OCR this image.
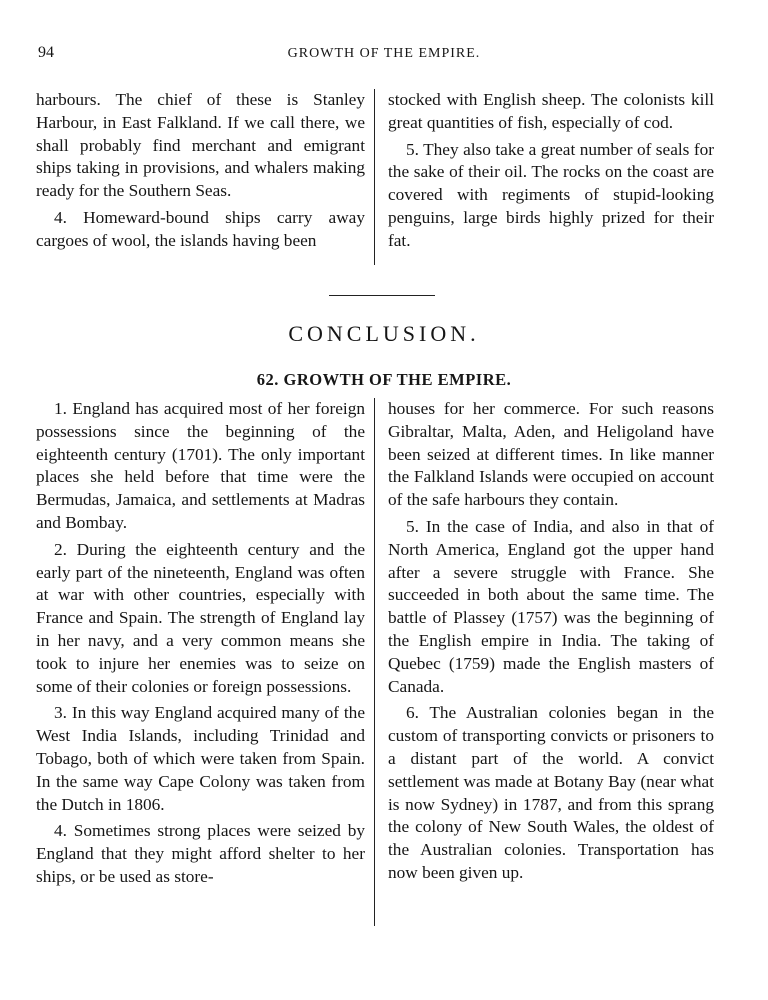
94	GROWTH OF THE EMPIRE.

harbours. The chief of these is Stanley Harbour, in East Falkland. If we call there, we shall probably find merchant and emigrant ships taking in provisions, and whalers making ready for the Southern Seas.

4. Homeward-bound ships carry away cargoes of wool, the islands having been

stocked with English sheep. The colonists kill great quantities of fish, especially of cod.

5. They also take a great number of seals for the sake of their oil. The rocks on the coast are covered with regiments of stupid-looking penguins, large birds highly prized for their fat.

CONCLUSION.
62. GROWTH OF THE EMPIRE.

1. England has acquired most of her foreign possessions since the beginning of the eighteenth century (1701). The only important places she held before that time were the Bermudas, Jamaica, and settlements at Madras and Bombay.

2. During the eighteenth century and the early part of the nineteenth, England was often at war with other countries, especially with France and Spain. The strength of England lay in her navy, and a very common means she took to injure her enemies was to seize on some of their colonies or foreign possessions.

3. In this way England acquired many of the West India Islands, including Trinidad and Tobago, both of which were taken from Spain. In the same way Cape Colony was taken from the Dutch in 1806.

4. Sometimes strong places were seized by England that they might afford shelter to her ships, or be used as store-

houses for her commerce. For such reasons Gibraltar, Malta, Aden, and Heligoland have been seized at different times. In like manner the Falkland Islands were occupied on account of the safe harbours they contain.

5. In the case of India, and also in that of North America, England got the upper hand after a severe struggle with France. She succeeded in both about the same time. The battle of Plassey (1757) was the beginning of the English empire in India. The taking of Quebec (1759) made the English masters of Canada.

6. The Australian colonies began in the custom of transporting convicts or prisoners to a distant part of the world. A convict settlement was made at Botany Bay (near what is now Sydney) in 1787, and from this sprang the colony of New South Wales, the oldest of the Australian colonies. Transportation has now been given up.
